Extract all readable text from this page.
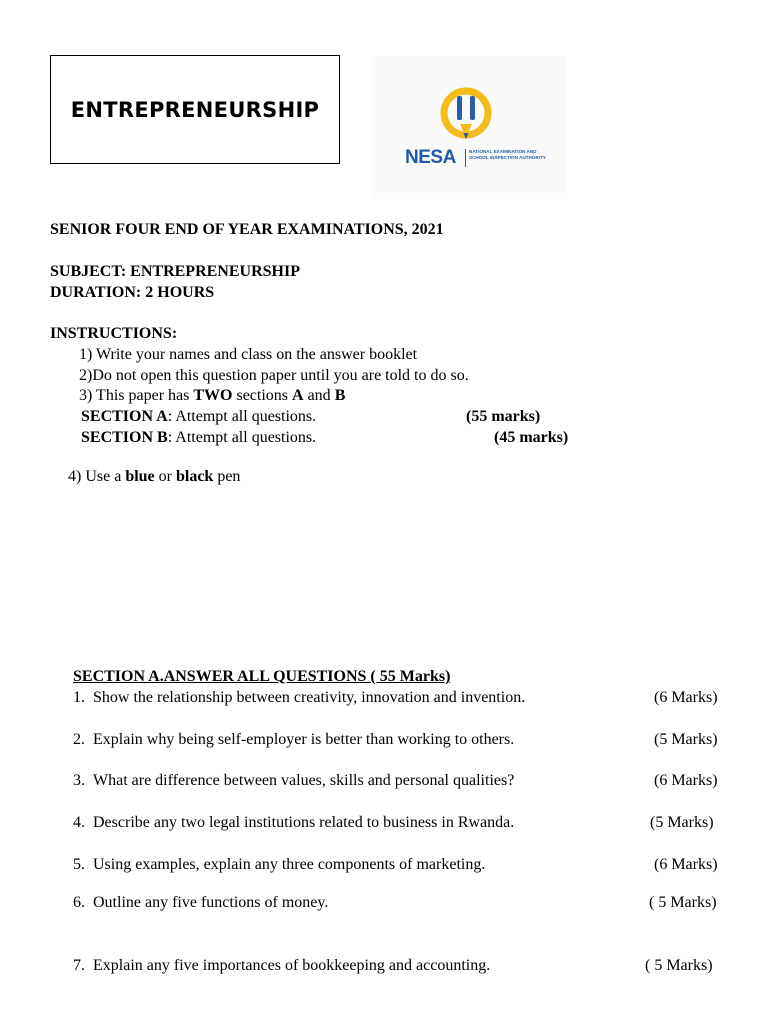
ENTREPRENEURSHIP
NESA	NATIONAL EXAMINATION AND SCHOOL INSPECTION AUTHORITY
SENIOR FOUR END OF YEAR EXAMINATIONS, 2021
SUBJECT: ENTREPRENEURSHIP
DURATION: 2 HOURS
INSTRUCTIONS:
1) Write your names and class on the answer booklet
2)Do not open this question paper until you are told to do so.
3) This paper has TWO sections A and B
SECTION A: Attempt all questions.	(55 marks)
SECTION B: Attempt all questions.	(45 marks)
4) Use a blue or black pen
SECTION A.ANSWER ALL QUESTIONS ( 55 Marks)
1. Show the relationship between creativity, innovation and invention.	(6 Marks)
2. Explain why being self-employer is better than working to others.	(5 Marks)
3. What are difference between values, skills and personal qualities?	(6 Marks)
4. Describe any two legal institutions related to business in Rwanda.	(5 Marks)
5. Using examples, explain any three components of marketing.	(6 Marks)
6. Outline any five functions of money.	( 5 Marks)
7. Explain any five importances of bookkeeping and accounting.	( 5 Marks)
